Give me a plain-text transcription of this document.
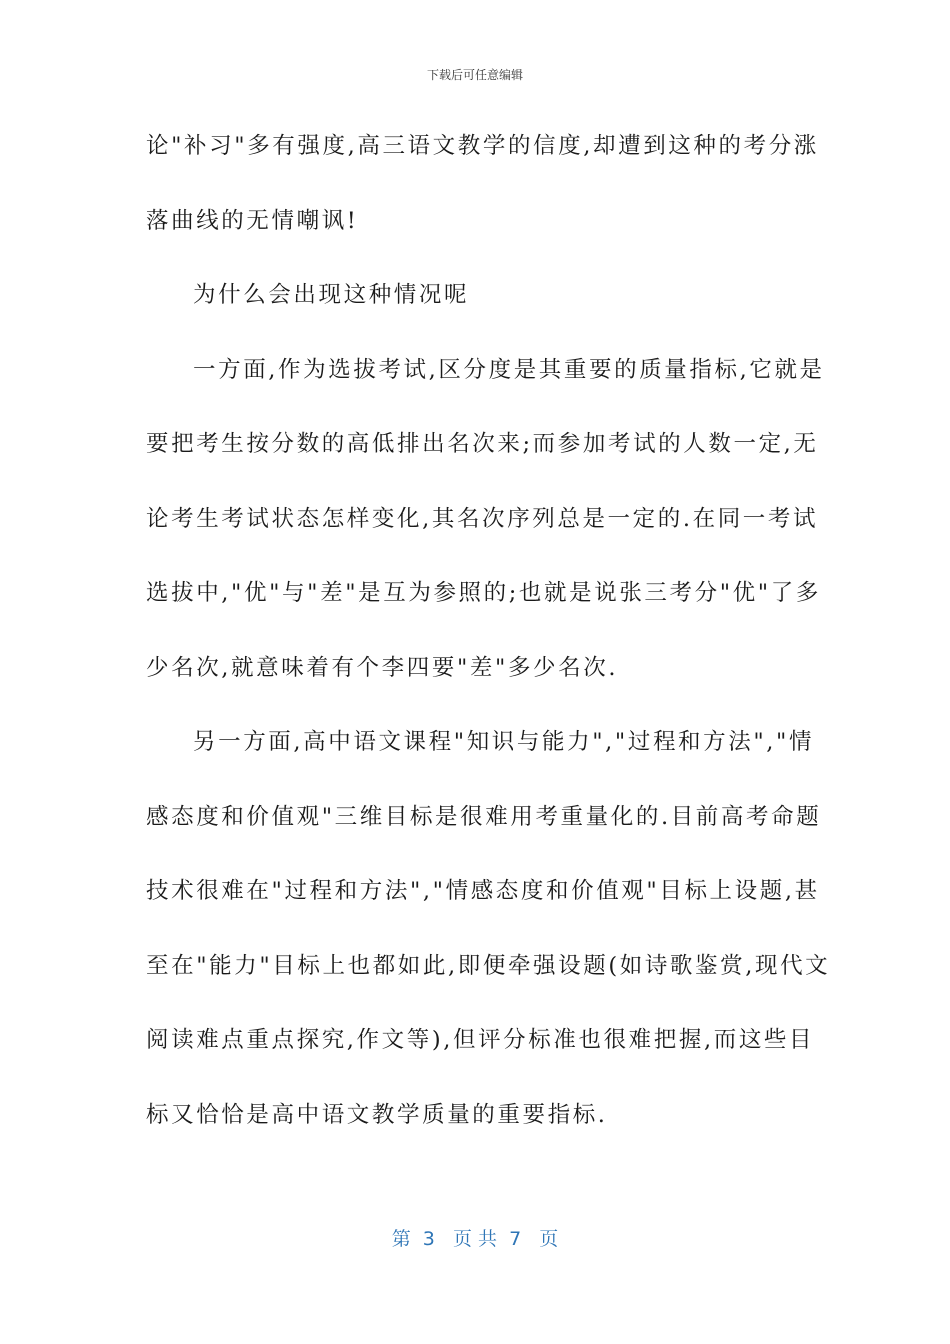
下载后可任意编辑
论"补习"多有强度,高三语文教学的信度,却遭到这种的考分涨
落曲线的无情嘲讽!
为什么会出现这种情况呢
一方面,作为选拔考试,区分度是其重要的质量指标,它就是
要把考生按分数的高低排出名次来;而参加考试的人数一定,无
论考生考试状态怎样变化,其名次序列总是一定的.在同一考试
选拔中,"优"与"差"是互为参照的;也就是说张三考分"优"了多
少名次,就意味着有个李四要"差"多少名次.
另一方面,高中语文课程"知识与能力","过程和方法","情
感态度和价值观"三维目标是很难用考重量化的.目前高考命题
技术很难在"过程和方法","情感态度和价值观"目标上设题,甚
至在"能力"目标上也都如此,即便牵强设题(如诗歌鉴赏,现代文
阅读难点重点探究,作文等),但评分标准也很难把握,而这些目
标又恰恰是高中语文教学质量的重要指标.
第  3   页 共  7   页
